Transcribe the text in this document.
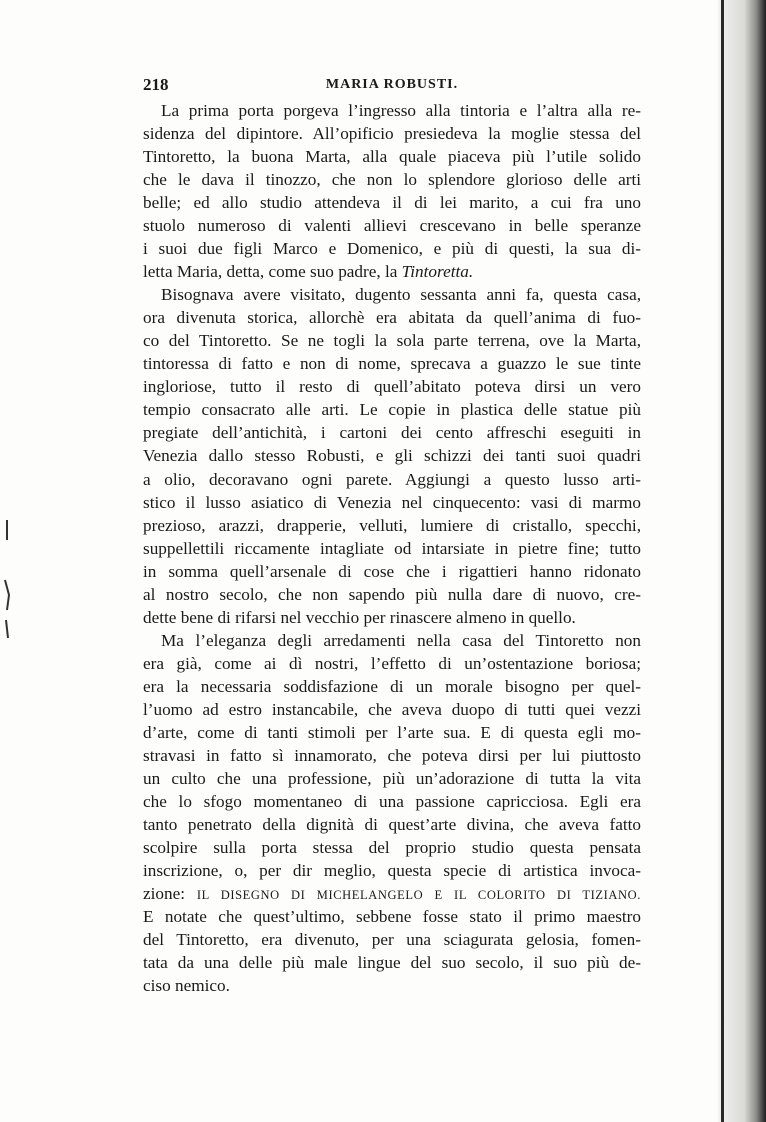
218	MARIA ROBUSTI.
La prima porta porgeva l’ingresso alla tintoria e l’altra alla re-
sidenza del dipintore. All’opificio presiedeva la moglie stessa del
Tintoretto, la buona Marta, alla quale piaceva più l’utile solido
che le dava il tinozzo, che non lo splendore glorioso delle arti
belle; ed allo studio attendeva il di lei marito, a cui fra uno
stuolo numeroso di valenti allievi crescevano in belle speranze
i suoi due figli Marco e Domenico, e più di questi, la sua di-
letta Maria, detta, come suo padre, la Tintoretta.
Bisognava avere visitato, dugento sessanta anni fa, questa casa,
ora divenuta storica, allorchè era abitata da quell’anima di fuo-
co del Tintoretto. Se ne togli la sola parte terrena, ove la Marta,
tintoressa di fatto e non di nome, sprecava a guazzo le sue tinte
ingloriose, tutto il resto di quell’abitato poteva dirsi un vero
tempio consacrato alle arti. Le copie in plastica delle statue più
pregiate dell’antichità, i cartoni dei cento affreschi eseguiti in
Venezia dallo stesso Robusti, e gli schizzi dei tanti suoi quadri
a olio, decoravano ogni parete. Aggiungi a questo lusso arti-
stico il lusso asiatico di Venezia nel cinquecento: vasi di marmo
prezioso, arazzi, drapperie, velluti, lumiere di cristallo, specchi,
suppellettili riccamente intagliate od intarsiate in pietre fine; tutto
in somma quell’arsenale di cose che i rigattieri hanno ridonato
al nostro secolo, che non sapendo più nulla dare di nuovo, cre-
dette bene di rifarsi nel vecchio per rinascere almeno in quello.
Ma l’eleganza degli arredamenti nella casa del Tintoretto non
era già, come ai dì nostri, l’effetto di un’ostentazione boriosa;
era la necessaria soddisfazione di un morale bisogno per quel-
l’uomo ad estro instancabile, che aveva duopo di tutti quei vezzi
d’arte, come di tanti stimoli per l’arte sua. E di questa egli mo-
stravasi in fatto sì innamorato, che poteva dirsi per lui piuttosto
un culto che una professione, più un’adorazione di tutta la vita
che lo sfogo momentaneo di una passione capricciosa. Egli era
tanto penetrato della dignità di quest’arte divina, che aveva fatto
scolpire sulla porta stessa del proprio studio questa pensata
inscrizione, o, per dir meglio, questa specie di artistica invoca-
zione: IL DISEGNO DI MICHELANGELO E IL COLORITO DI TIZIANO.
E notate che quest’ultimo, sebbene fosse stato il primo maestro
del Tintoretto, era divenuto, per una sciagurata gelosia, fomen-
tata da una delle più male lingue del suo secolo, il suo più de-
ciso nemico.
